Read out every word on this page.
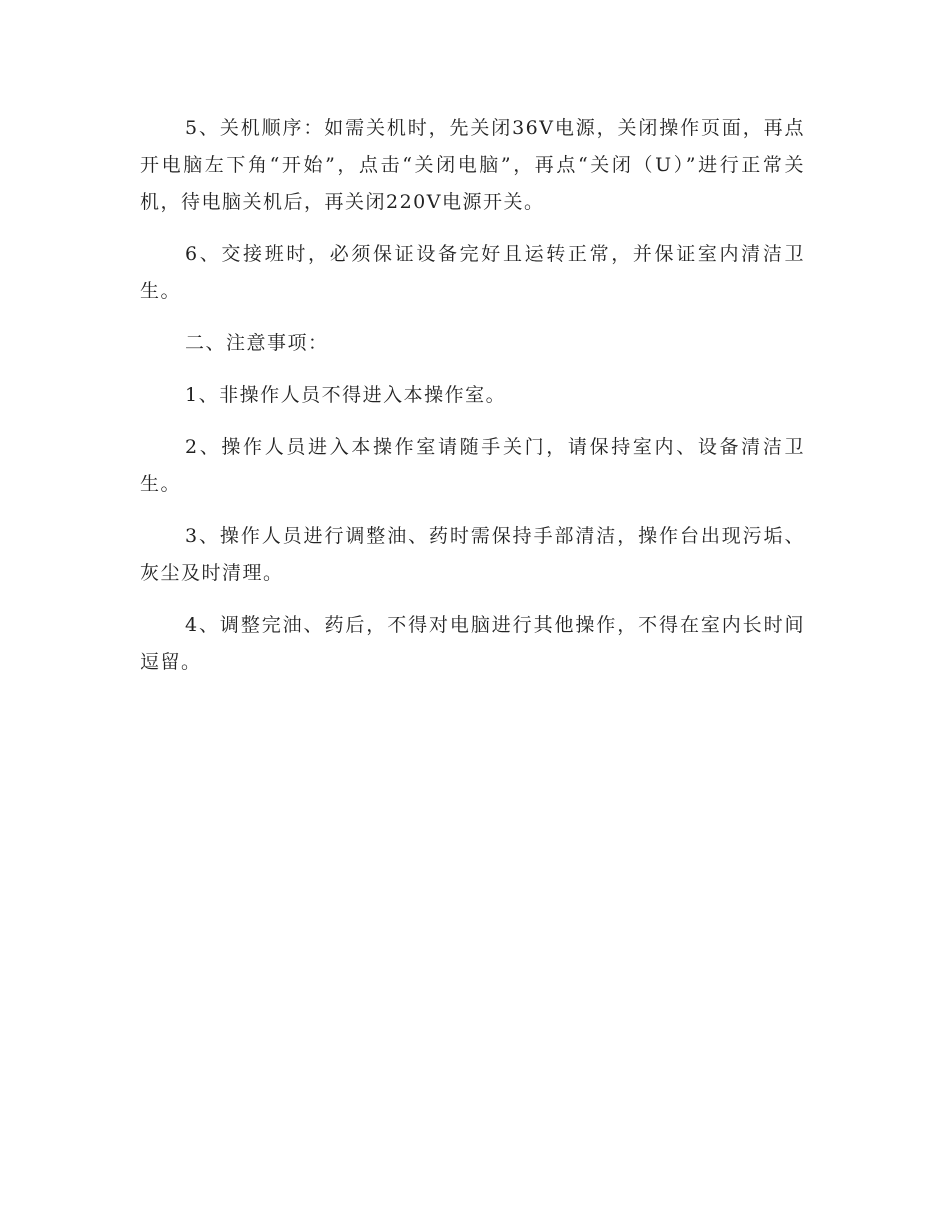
5、关机顺序：如需关机时，先关闭36V电源，关闭操作页面，再点开电脑左下角“开始”，点击“关闭电脑”，再点“关闭（U）”进行正常关机，待电脑关机后，再关闭220V电源开关。

6、交接班时，必须保证设备完好且运转正常，并保证室内清洁卫生。

二、注意事项：

1、非操作人员不得进入本操作室。

2、操作人员进入本操作室请随手关门，请保持室内、设备清洁卫生。

3、操作人员进行调整油、药时需保持手部清洁，操作台出现污垢、灰尘及时清理。

4、调整完油、药后，不得对电脑进行其他操作，不得在室内长时间逗留。
